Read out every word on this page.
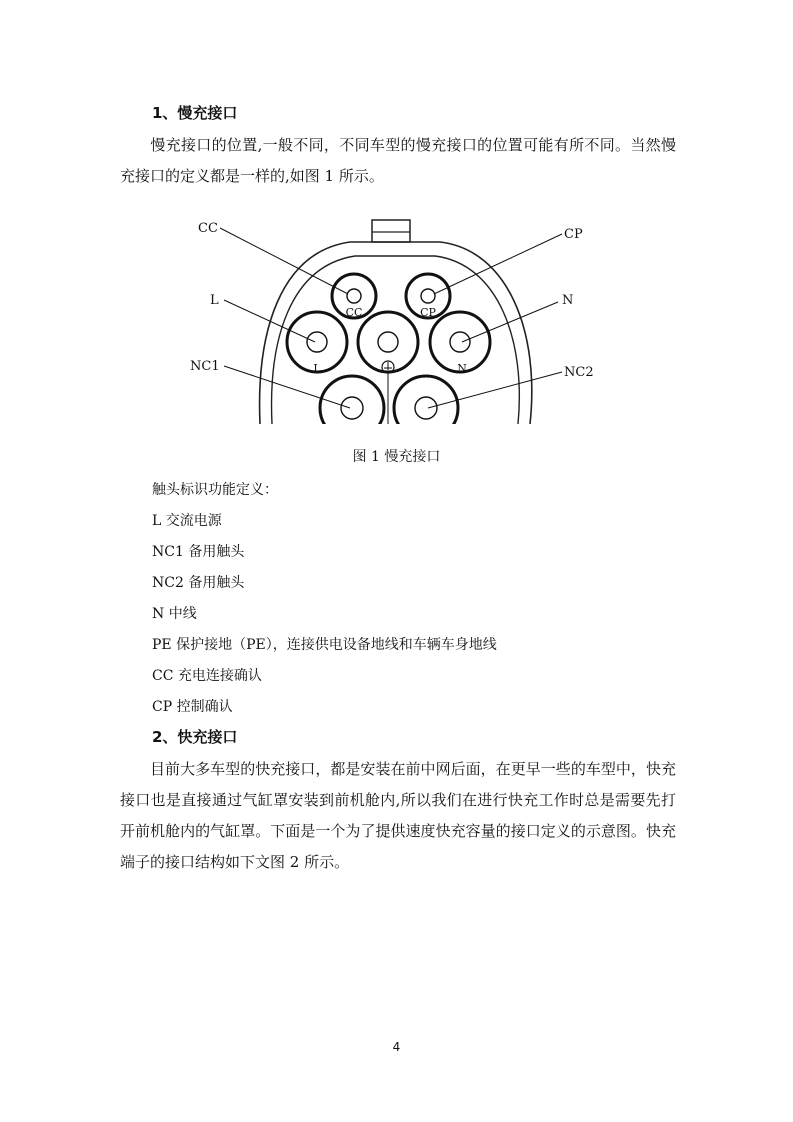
1、慢充接口

慢充接口的位置,一般不同，不同车型的慢充接口的位置可能有所不同。当然慢充接口的定义都是一样的,如图 1 所示。

CC	CP
L	N
CC	CP
L	N
NC1	NC2

图 1 慢充接口

触头标识功能定义：

L 交流电源

NC1 备用触头

NC2 备用触头

N 中线

PE 保护接地（PE），连接供电设备地线和车辆车身地线

CC 充电连接确认

CP 控制确认

2、快充接口

目前大多车型的快充接口，都是安装在前中网后面，在更早一些的车型中，快充接口也是直接通过气缸罩安装到前机舱内,所以我们在进行快充工作时总是需要先打开前机舱内的气缸罩。下面是一个为了提供速度快充容量的接口定义的示意图。快充端子的接口结构如下文图 2 所示。

4
